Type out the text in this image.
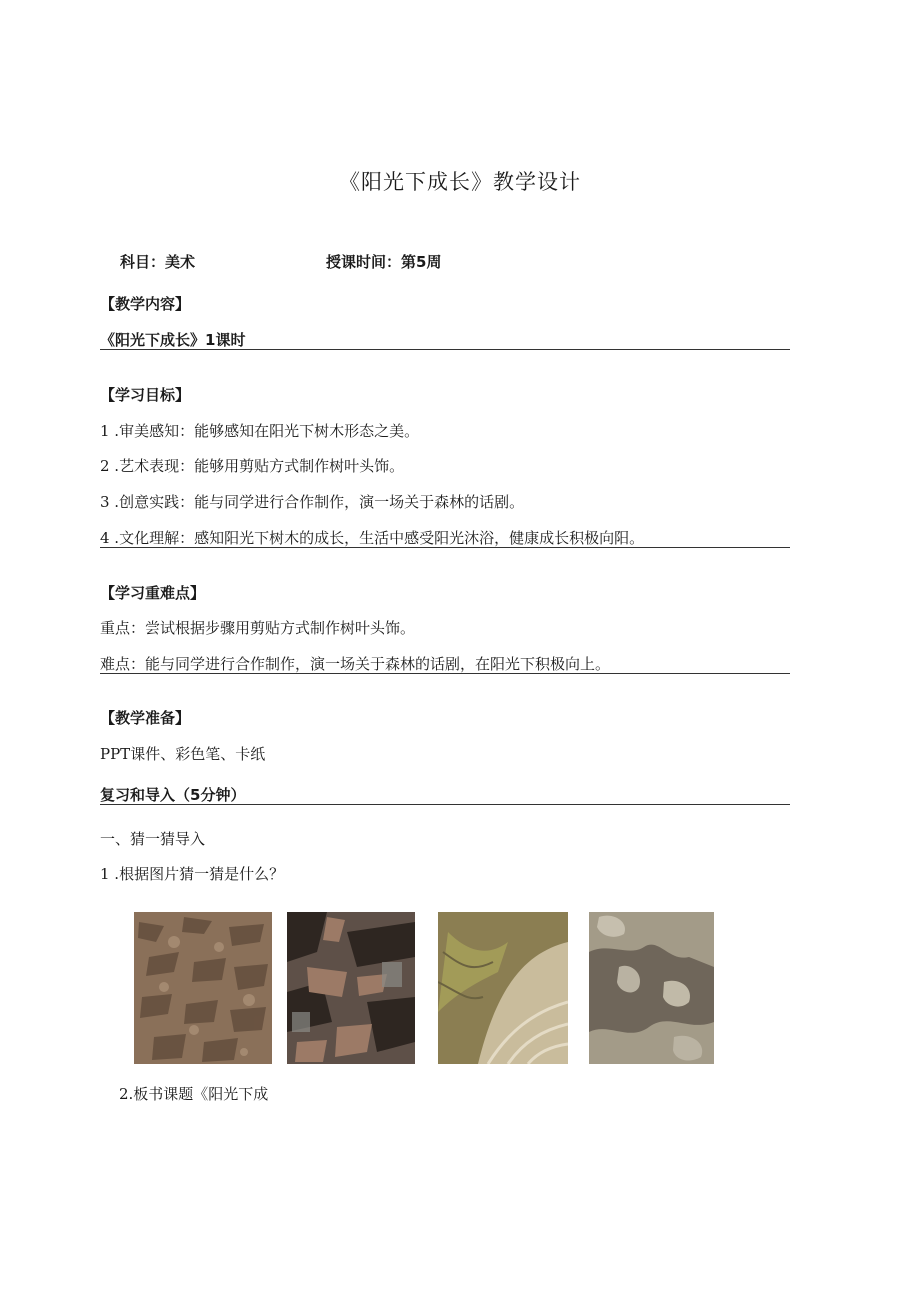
《阳光下成长》教学设计
科目：美术	授课时间：第5周
【教学内容】
《阳光下成长》1课时
【学习目标】
1 .审美感知：能够感知在阳光下树木形态之美。
2 .艺术表现：能够用剪贴方式制作树叶头饰。
3 .创意实践：能与同学进行合作制作，演一场关于森林的话剧。
4 .文化理解：感知阳光下树木的成长，生活中感受阳光沐浴，健康成长积极向阳。
【学习重难点】
重点：尝试根据步骤用剪贴方式制作树叶头饰。
难点：能与同学进行合作制作，演一场关于森林的话剧，在阳光下积极向上。
【教学准备】
PPT课件、彩色笔、卡纸
复习和导入（5分钟）
一、猜一猜导入
1 .根据图片猜一猜是什么？
2.板书课题《阳光下成
